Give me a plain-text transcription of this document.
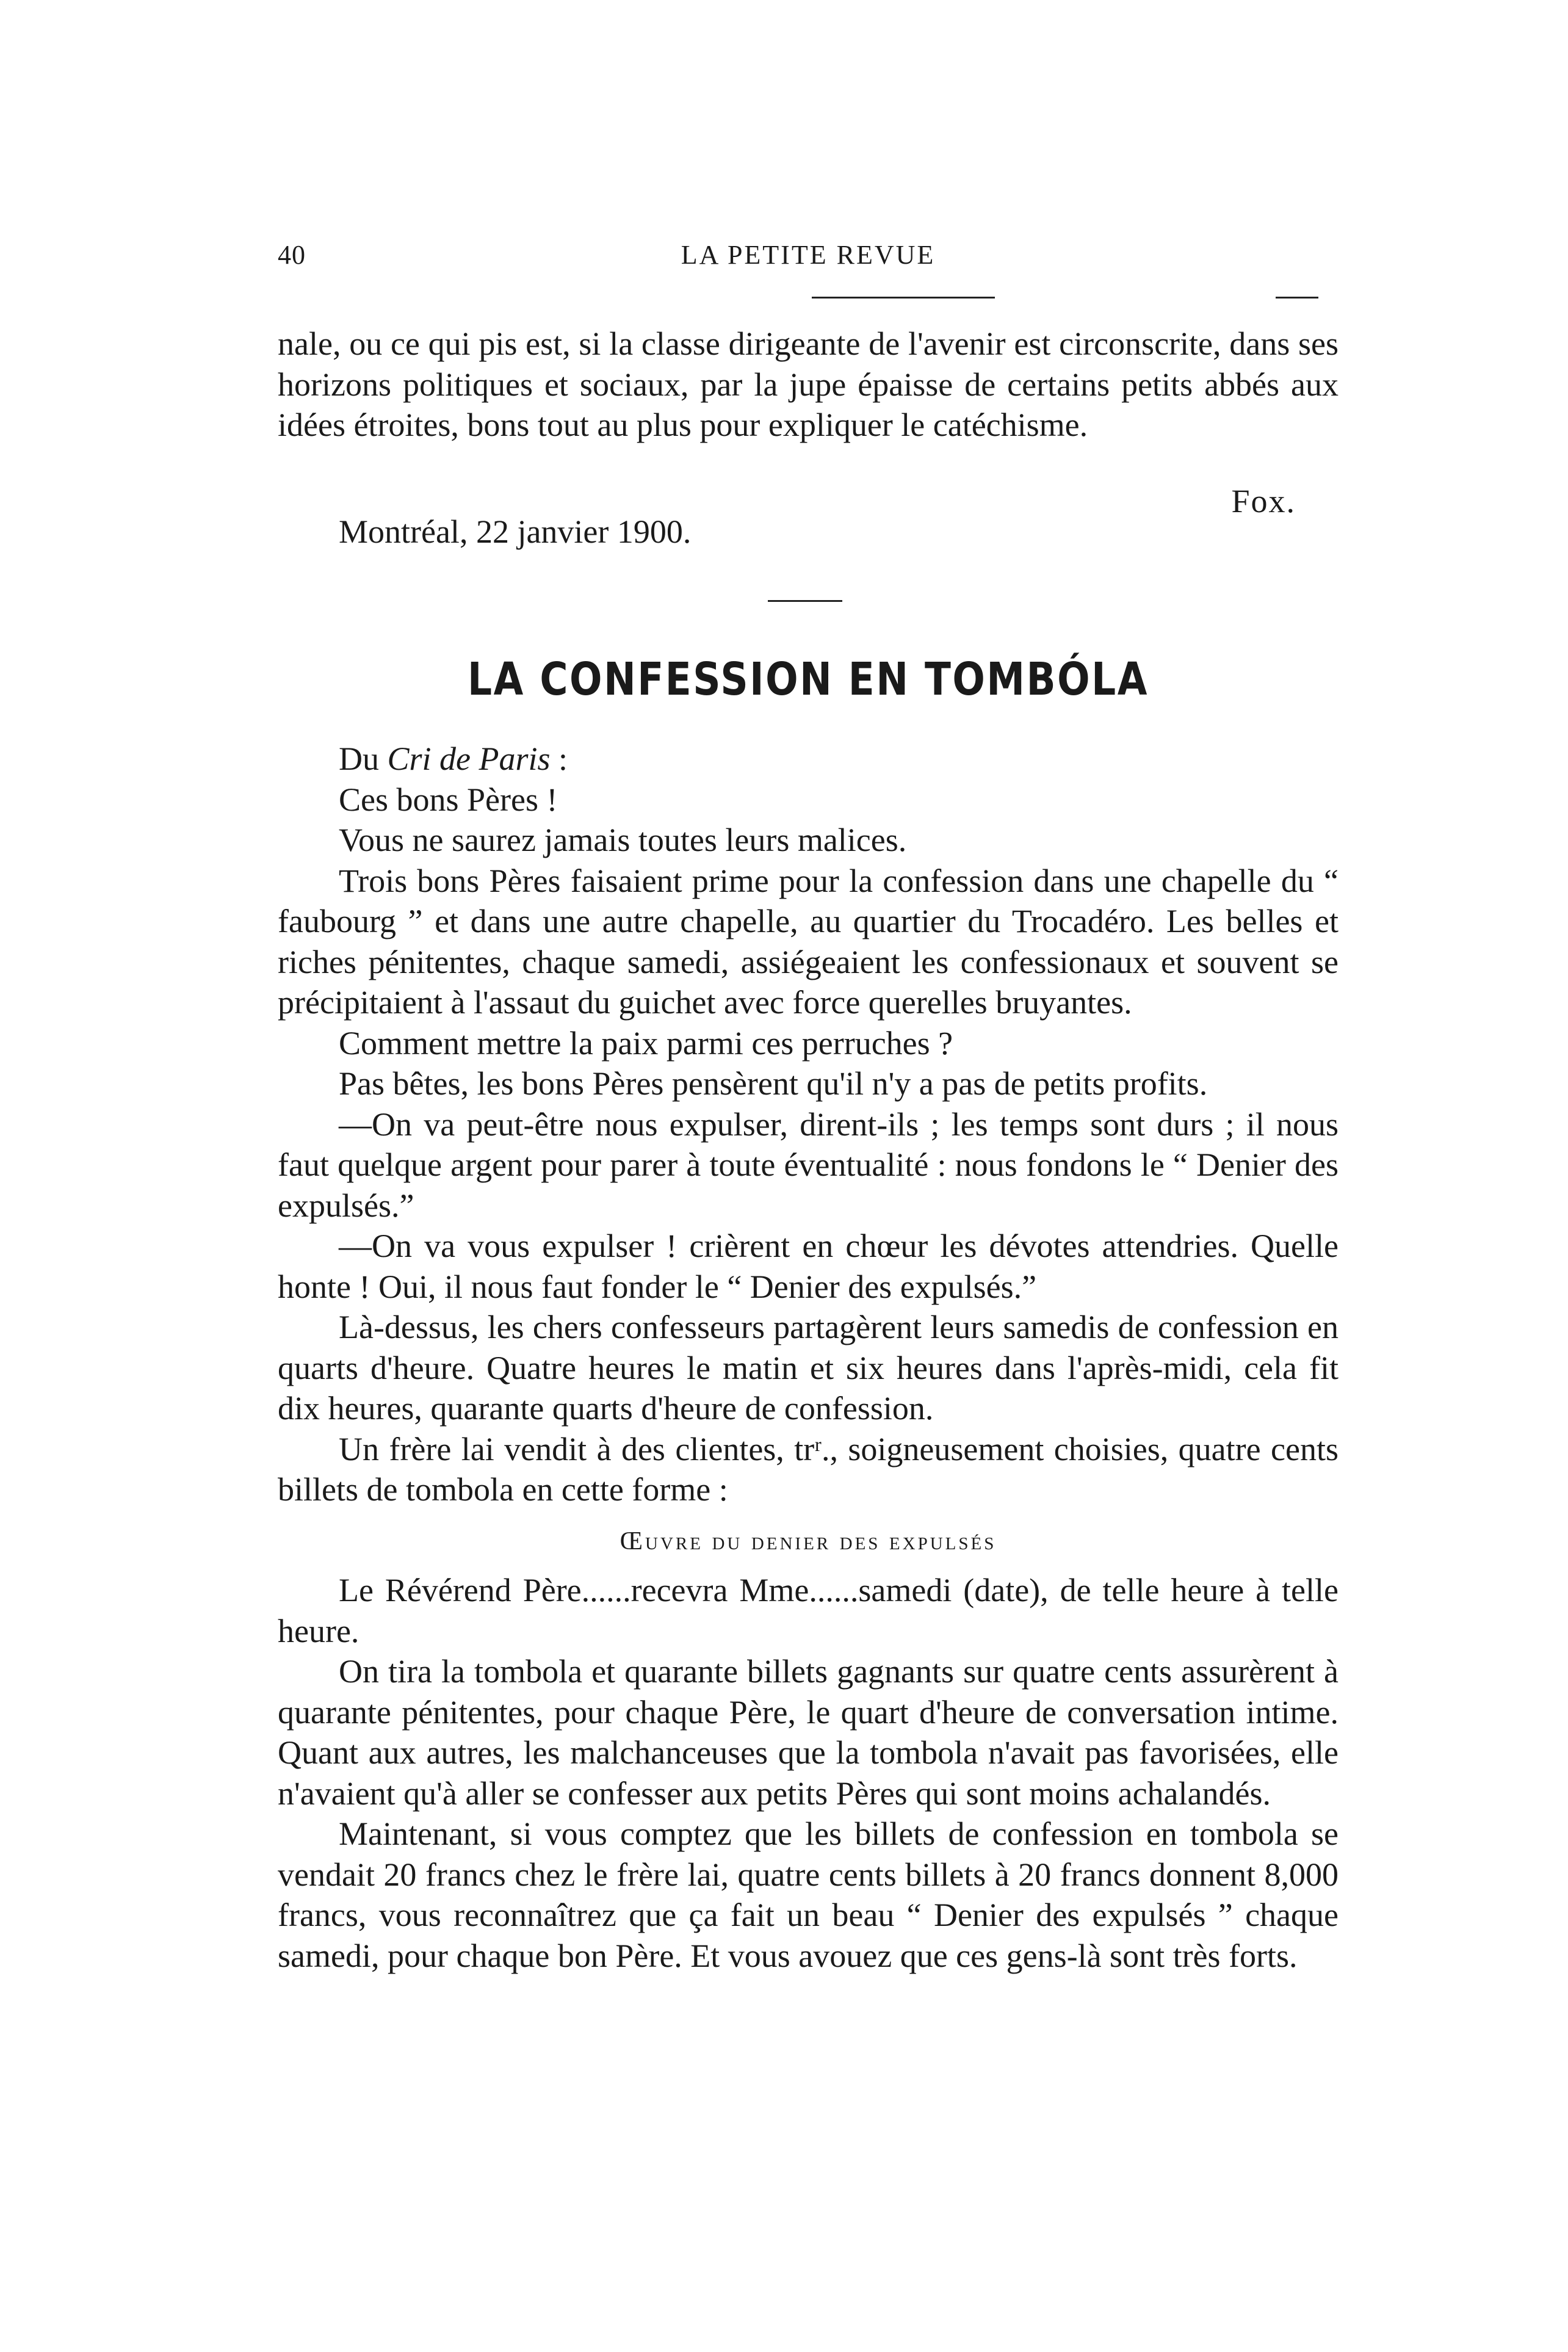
40	LA PETITE REVUE

nale, ou ce qui pis est, si la classe dirigeante de l'avenir est circonscrite, dans ses horizons politiques et sociaux, par la jupe épaisse de certains petits abbés aux idées étroites, bons tout au plus pour expliquer le catéchisme.

Fox.
Montréal, 22 janvier 1900.
LA CONFESSION EN TOMBÓLA

Du Cri de Paris :

Ces bons Pères !

Vous ne saurez jamais toutes leurs malices.

Trois bons Pères faisaient prime pour la confession dans une chapelle du “ faubourg ” et dans une autre chapelle, au quartier du Trocadéro. Les belles et riches pénitentes, chaque samedi, assiégeaient les confessionaux et souvent se précipitaient à l'assaut du guichet avec force querelles bruyantes.

Comment mettre la paix parmi ces perruches ?

Pas bêtes, les bons Pères pensèrent qu'il n'y a pas de petits profits.

—On va peut-être nous expulser, dirent-ils ; les temps sont durs ; il nous faut quelque argent pour parer à toute éventualité : nous fondons le “ Denier des expulsés.”

—On va vous expulser ! crièrent en chœur les dévotes attendries. Quelle honte ! Oui, il nous faut fonder le “ Denier des expulsés.”

Là-dessus, les chers confesseurs partagèrent leurs samedis de confession en quarts d'heure. Quatre heures le matin et six heures dans l'après-midi, cela fit dix heures, quarante quarts d'heure de confession.

Un frère lai vendit à des clientes, trʳ., soigneusement choisies, quatre cents billets de tombola en cette forme :

Œuvre du denier des expulsés

Le Révérend Père......recevra Mme......samedi (date), de telle heure à telle heure.

On tira la tombola et quarante billets gagnants sur quatre cents assurèrent à quarante pénitentes, pour chaque Père, le quart d'heure de conversation intime. Quant aux autres, les malchanceuses que la tombola n'avait pas favorisées, elle n'avaient qu'à aller se confesser aux petits Pères qui sont moins achalandés.

Maintenant, si vous comptez que les billets de confession en tombola se vendait 20 francs chez le frère lai, quatre cents billets à 20 francs donnent 8,000 francs, vous reconnaîtrez que ça fait un beau “ Denier des expulsés ” chaque samedi, pour chaque bon Père. Et vous avouez que ces gens-là sont très forts.
